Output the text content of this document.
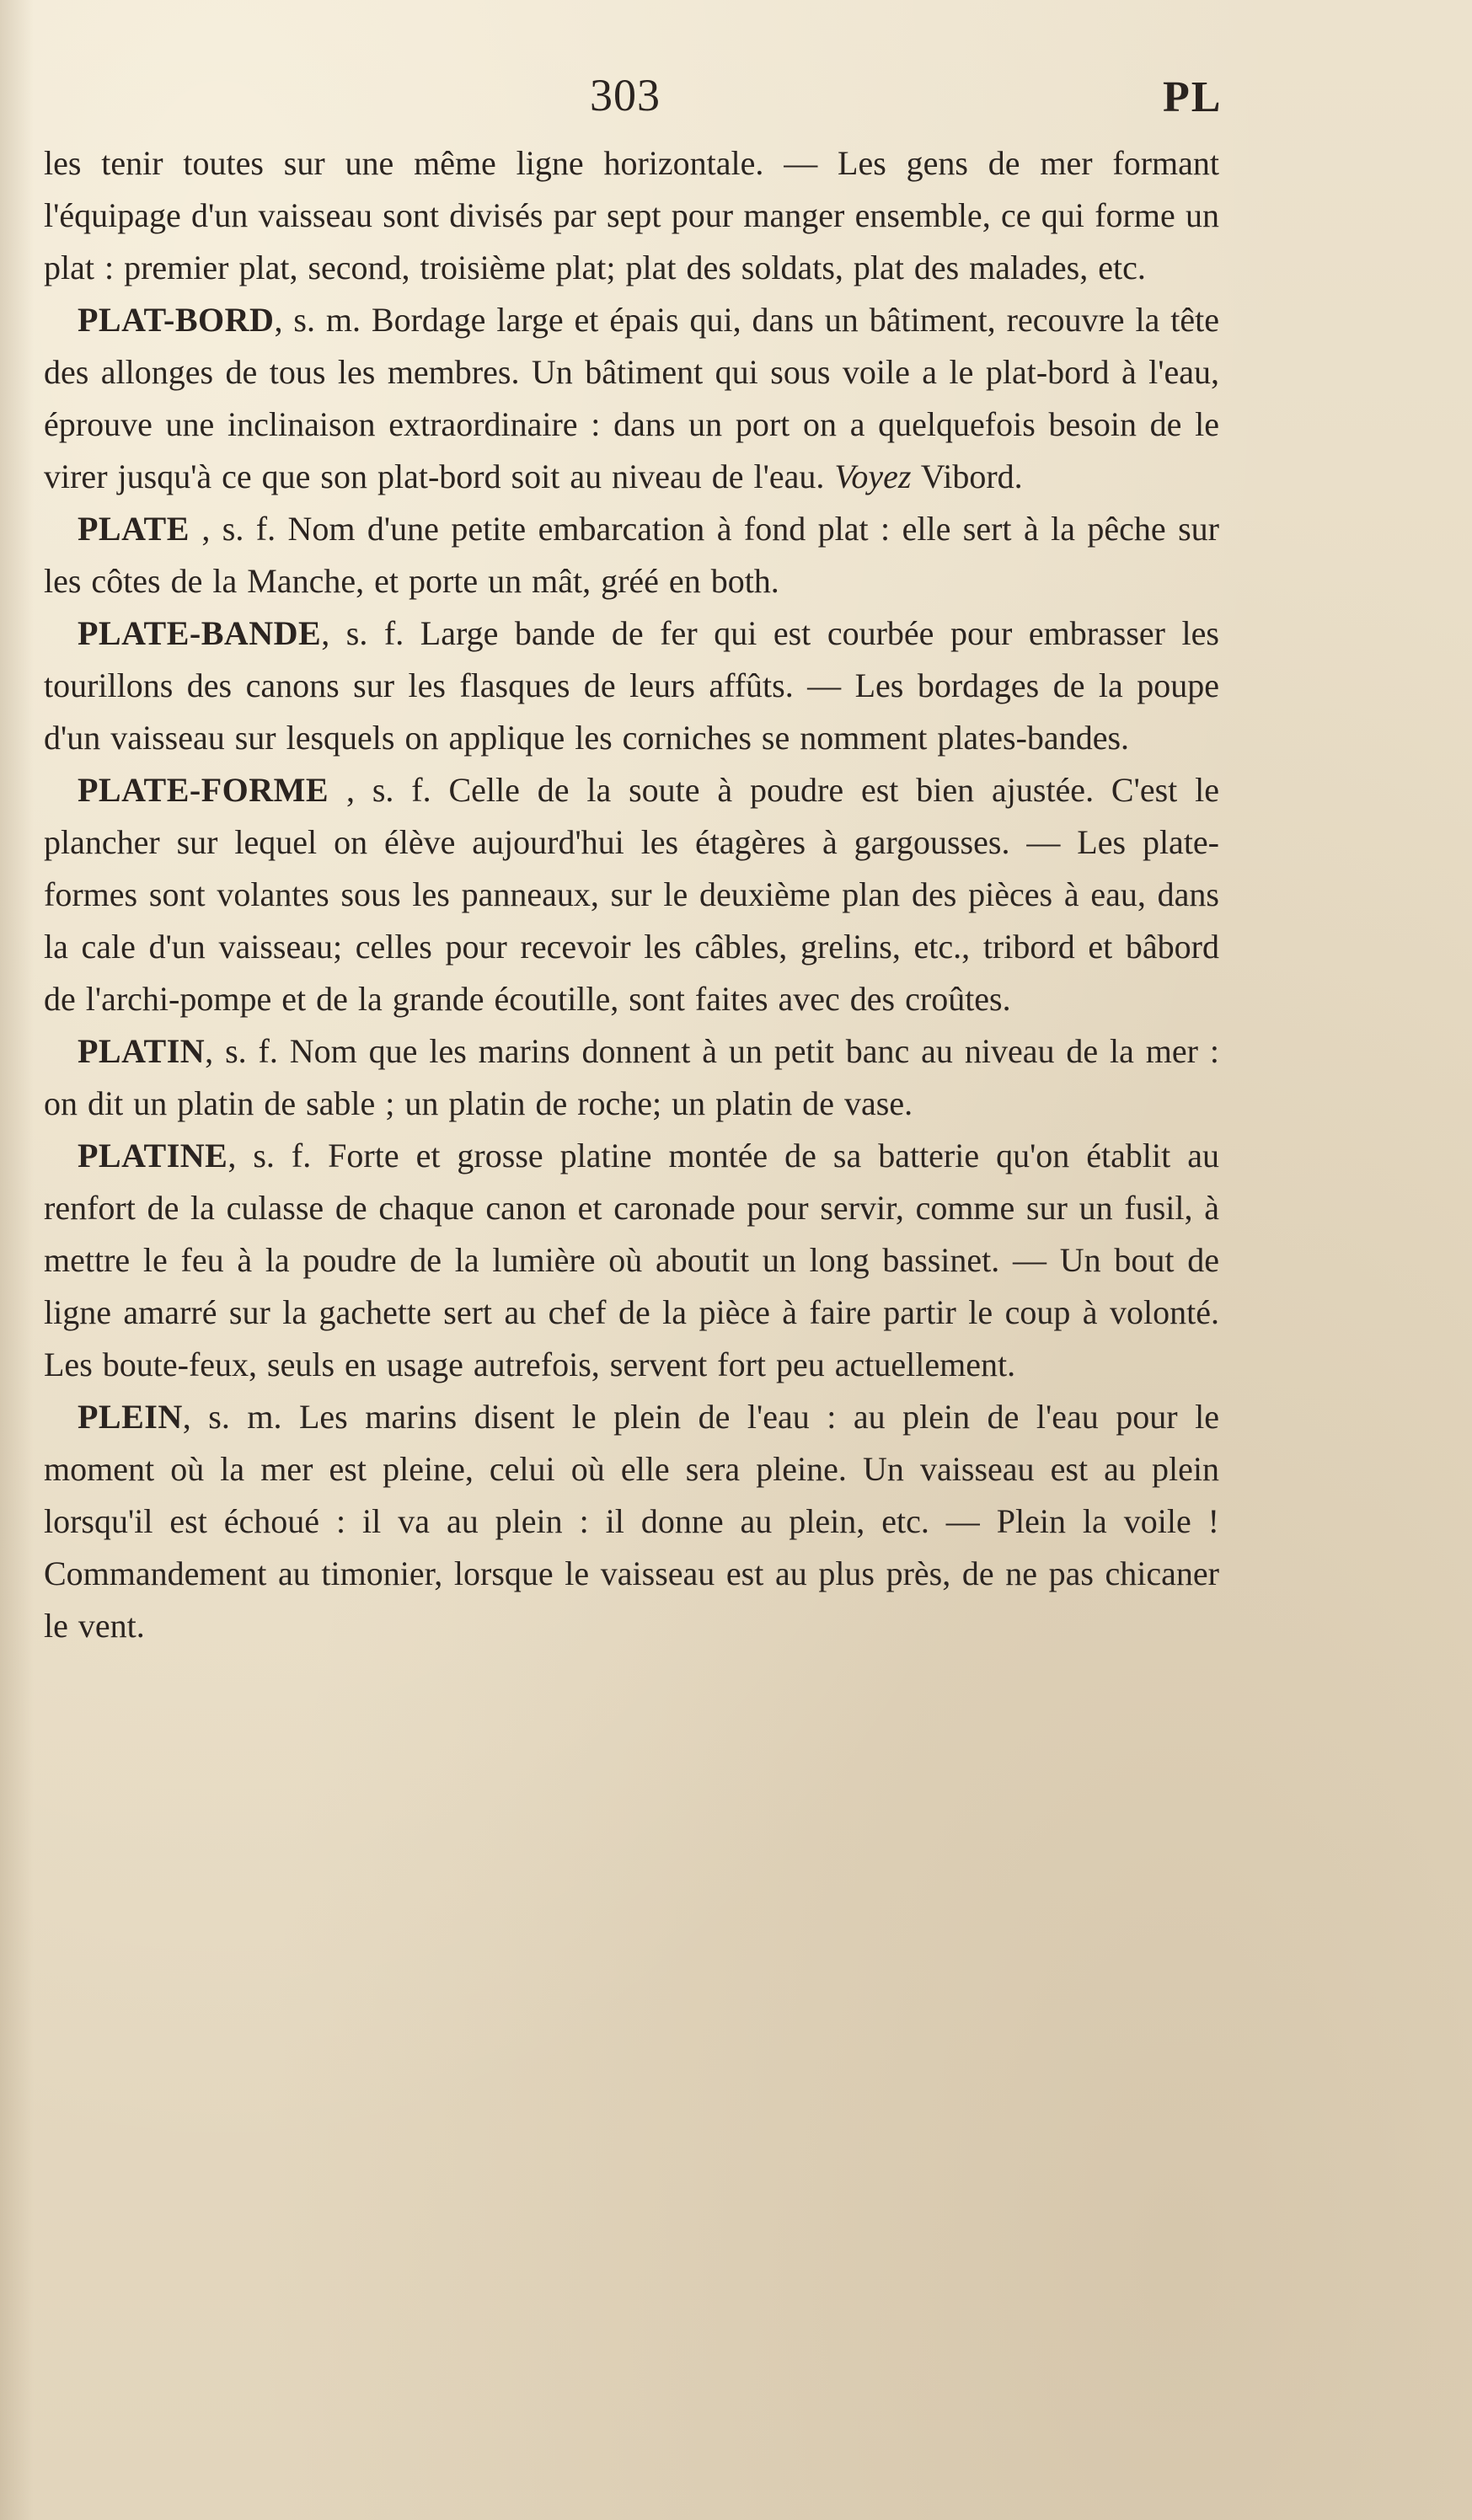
303	PL

les tenir toutes sur une même ligne horizontale. — Les gens de mer formant l'équipage d'un vaisseau sont divisés par sept pour manger ensemble, ce qui forme un plat : premier plat, second, troisième plat; plat des soldats, plat des malades, etc.

PLAT-BORD, s. m. Bordage large et épais qui, dans un bâtiment, recouvre la tête des allonges de tous les membres. Un bâtiment qui sous voile a le plat-bord à l'eau, éprouve une inclinaison extraordinaire : dans un port on a quelquefois besoin de le virer jusqu'à ce que son plat-bord soit au niveau de l'eau. Voyez Vibord.

PLATE , s. f. Nom d'une petite embarcation à fond plat : elle sert à la pêche sur les côtes de la Manche, et porte un mât, gréé en both.

PLATE-BANDE, s. f. Large bande de fer qui est courbée pour embrasser les tourillons des canons sur les flasques de leurs affûts. — Les bordages de la poupe d'un vaisseau sur lesquels on applique les corniches se nomment plates-bandes.

PLATE-FORME , s. f. Celle de la soute à poudre est bien ajustée. C'est le plancher sur lequel on élève aujourd'hui les étagères à gargousses. — Les plate-formes sont volantes sous les panneaux, sur le deuxième plan des pièces à eau, dans la cale d'un vaisseau; celles pour recevoir les câbles, grelins, etc., tribord et bâbord de l'archi-pompe et de la grande écoutille, sont faites avec des croûtes.

PLATIN, s. f. Nom que les marins donnent à un petit banc au niveau de la mer : on dit un platin de sable ; un platin de roche; un platin de vase.

PLATINE, s. f. Forte et grosse platine montée de sa batterie qu'on établit au renfort de la culasse de chaque canon et caronade pour servir, comme sur un fusil, à mettre le feu à la poudre de la lumière où aboutit un long bassinet. — Un bout de ligne amarré sur la gachette sert au chef de la pièce à faire partir le coup à volonté. Les boute-feux, seuls en usage autrefois, servent fort peu actuellement.

PLEIN, s. m. Les marins disent le plein de l'eau : au plein de l'eau pour le moment où la mer est pleine, celui où elle sera pleine. Un vaisseau est au plein lorsqu'il est échoué : il va au plein : il donne au plein, etc. — Plein la voile ! Commandement au timonier, lorsque le vaisseau est au plus près, de ne pas chicaner le vent.
